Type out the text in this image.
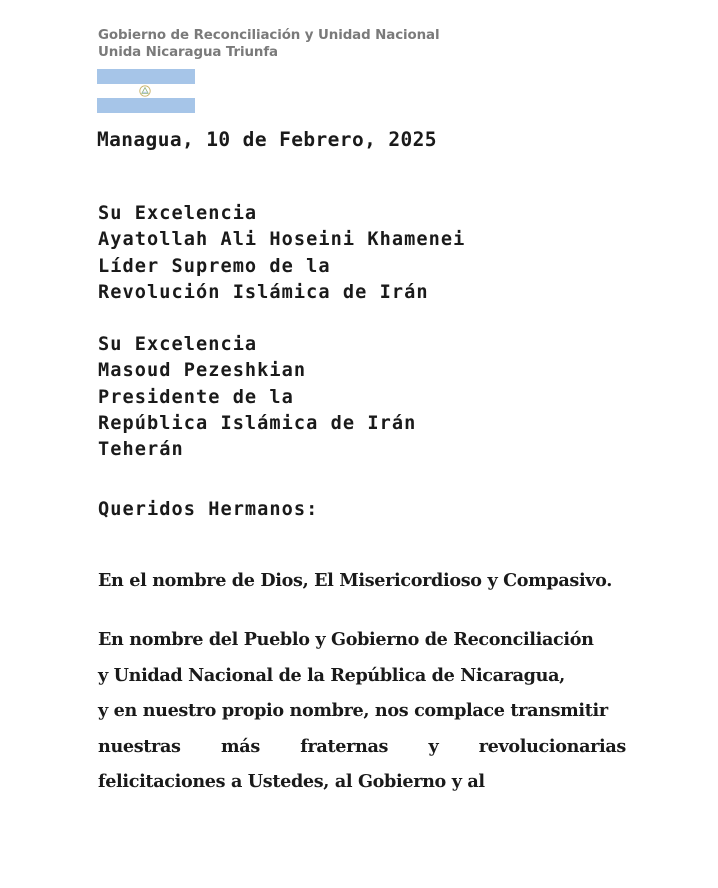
Gobierno de Reconciliación y Unidad Nacional
Unida Nicaragua Triunfa
Managua, 10 de Febrero, 2025
Su Excelencia
Ayatollah Ali Hoseini Khamenei
Líder Supremo de la
Revolución Islámica de Irán
Su Excelencia
Masoud Pezeshkian
Presidente de la
República Islámica de Irán
Teherán
Queridos Hermanos:
En el nombre de Dios, El Misericordioso y Compasivo.
En nombre del Pueblo y Gobierno de Reconciliación
y Unidad Nacional de la República de Nicaragua,
y en nuestro propio nombre, nos complace transmitir
nuestras más fraternas y revolucionarias
felicitaciones a Ustedes, al Gobierno y al
